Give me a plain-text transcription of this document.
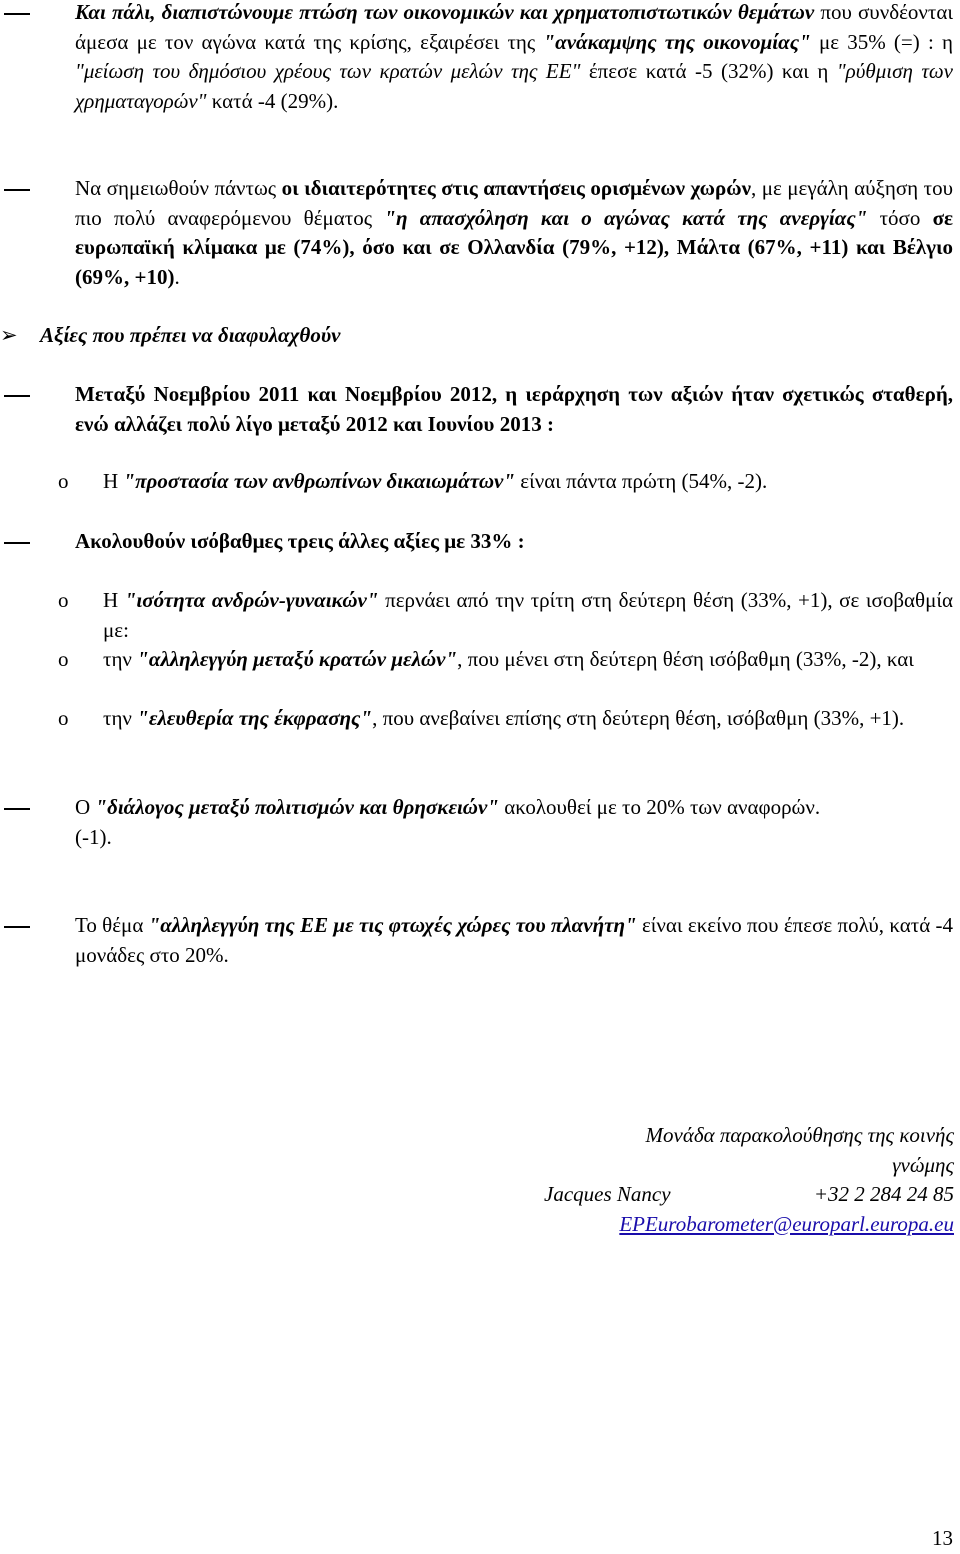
Και πάλι, διαπιστώνουμε πτώση των οικονομικών και χρηματοπιστωτικών θεμάτων που συνδέονται άμεσα με τον αγώνα κατά της κρίσης, εξαιρέσει της "ανάκαμψης της οικονομίας" με 35% (=) : η "μείωση του δημόσιου χρέους των κρατών μελών της ΕΕ" έπεσε κατά -5 (32%) και η "ρύθμιση των χρηματαγορών" κατά -4 (29%).
Να σημειωθούν πάντως οι ιδιαιτερότητες στις απαντήσεις ορισμένων χωρών, με μεγάλη αύξηση του πιο πολύ αναφερόμενου θέματος "η απασχόληση και ο αγώνας κατά της ανεργίας" τόσο σε ευρωπαϊκή κλίμακα με (74%), όσο και σε Ολλανδία (79%, +12), Μάλτα (67%, +11) και Βέλγιο (69%, +10).
➢ Αξίες που πρέπει να διαφυλαχθούν
Μεταξύ Νοεμβρίου 2011 και Νοεμβρίου 2012, η ιεράρχηση των αξιών ήταν σχετικώς σταθερή, ενώ αλλάζει πολύ λίγο μεταξύ 2012 και Ιουνίου 2013 :
o Η "προστασία των ανθρωπίνων δικαιωμάτων" είναι πάντα πρώτη (54%, -2).
Ακολουθούν ισόβαθμες τρεις άλλες αξίες με 33% :
o Η "ισότητα ανδρών-γυναικών" περνάει από την τρίτη στη δεύτερη θέση (33%, +1), σε ισοβαθμία με:
o την "αλληλεγγύη μεταξύ κρατών μελών", που μένει στη δεύτερη θέση ισόβαθμη (33%, -2), και
o την "ελευθερία της έκφρασης", που ανεβαίνει επίσης στη δεύτερη θέση, ισόβαθμη (33%, +1).
Ο "διάλογος μεταξύ πολιτισμών και θρησκειών" ακολουθεί με το 20% των αναφορών.
(-1).
Το θέμα "αλληλεγγύη της ΕΕ με τις φτωχές χώρες του πλανήτη" είναι εκείνο που έπεσε πολύ, κατά -4 μονάδες στο 20%.
Μονάδα παρακολούθησης της κοινής
γνώμης
Jacques Nancy	+32 2 284 24 85
EPEurobarometer@europarl.europa.eu
13
